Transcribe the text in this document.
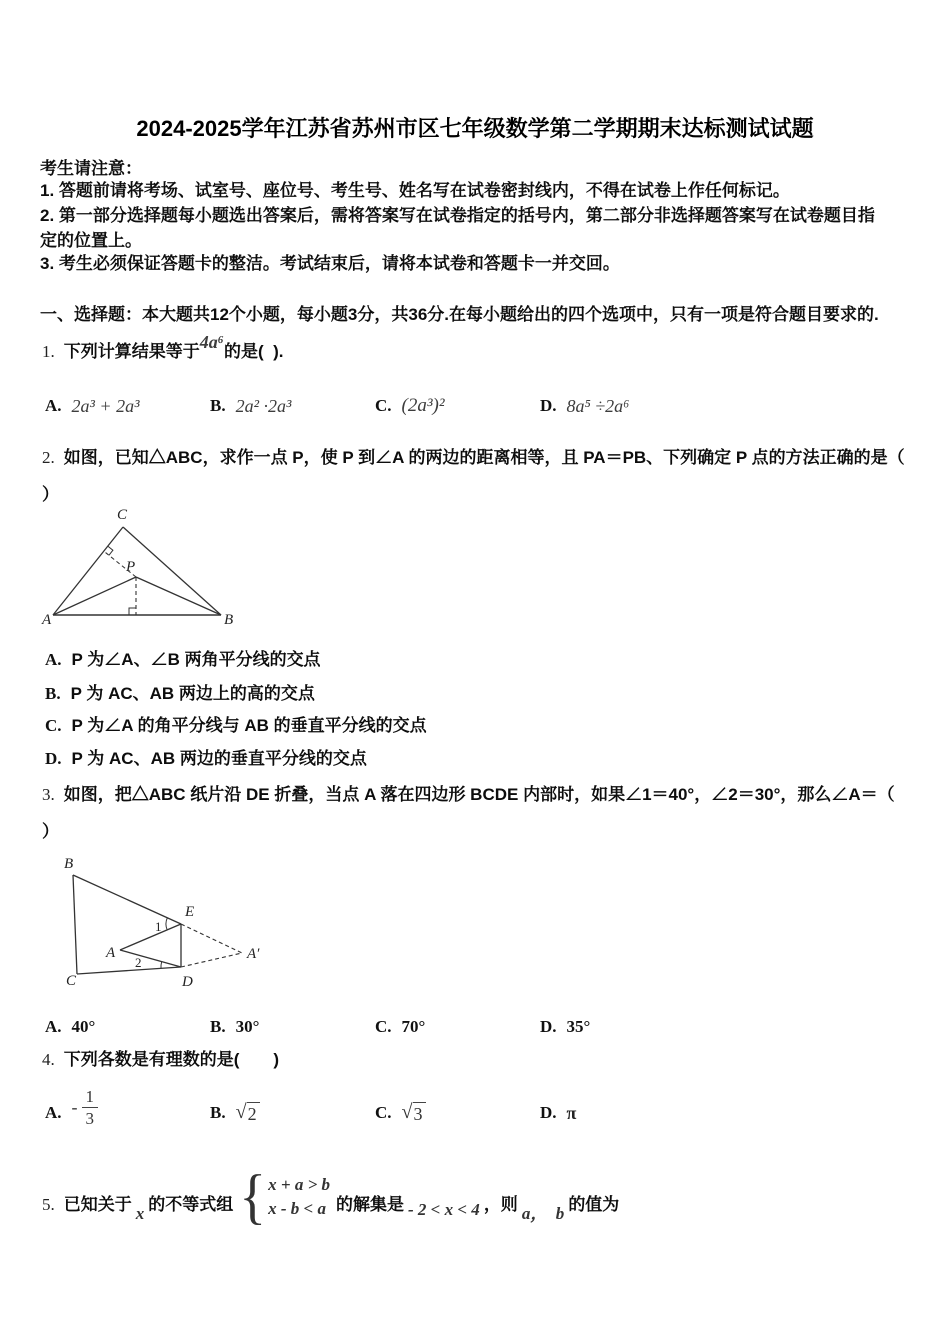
2024-2025学年江苏省苏州市区七年级数学第二学期期末达标测试试题
考生请注意：
1. 答题前请将考场、试室号、座位号、考生号、姓名写在试卷密封线内，不得在试卷上作任何标记。
2. 第一部分选择题每小题选出答案后，需将答案写在试卷指定的括号内，第二部分非选择题答案写在试卷题目指定的位置上。
3. 考生必须保证答题卡的整洁。考试结束后，请将本试卷和答题卡一并交回。
一、选择题：本大题共12个小题，每小题3分，共36分.在每小题给出的四个选项中，只有一项是符合题目要求的.
1. 下列计算结果等于4a⁶的是(  ).
A. 2a³ + 2a³	B. 2a² ·2a³	C. (2a³)²	D. 8a⁵ ÷2a⁶
2. 如图，已知△ABC，求作一点 P，使 P 到∠A 的两边的距离相等，且 PA＝PB、下列确定 P 点的方法正确的是（
）
A	B
C
P
A. P 为∠A、∠B 两角平分线的交点
B. P 为 AC、AB 两边上的高的交点
C. P 为∠A 的角平分线与 AB 的垂直平分线的交点
D. P 为 AC、AB 两边的垂直平分线的交点
3. 如图，把△ABC 纸片沿 DE 折叠，当点 A 落在四边形 BCDE 内部时，如果∠1＝40°，∠2＝30°，那么∠A＝（
）
B
C
E
A
D
A′
1
2
A. 40°	B. 30°	C. 70°	D. 35°
4. 下列各数是有理数的是(　　)
A. - $\frac{1}{3}$	B. √ 2	C. √ 3	D. π
5. 已知关于 x 的不等式组 { x + a > b
x - b < a 的解集是 - 2 < x < 4 ，则 a，  b 的值为
